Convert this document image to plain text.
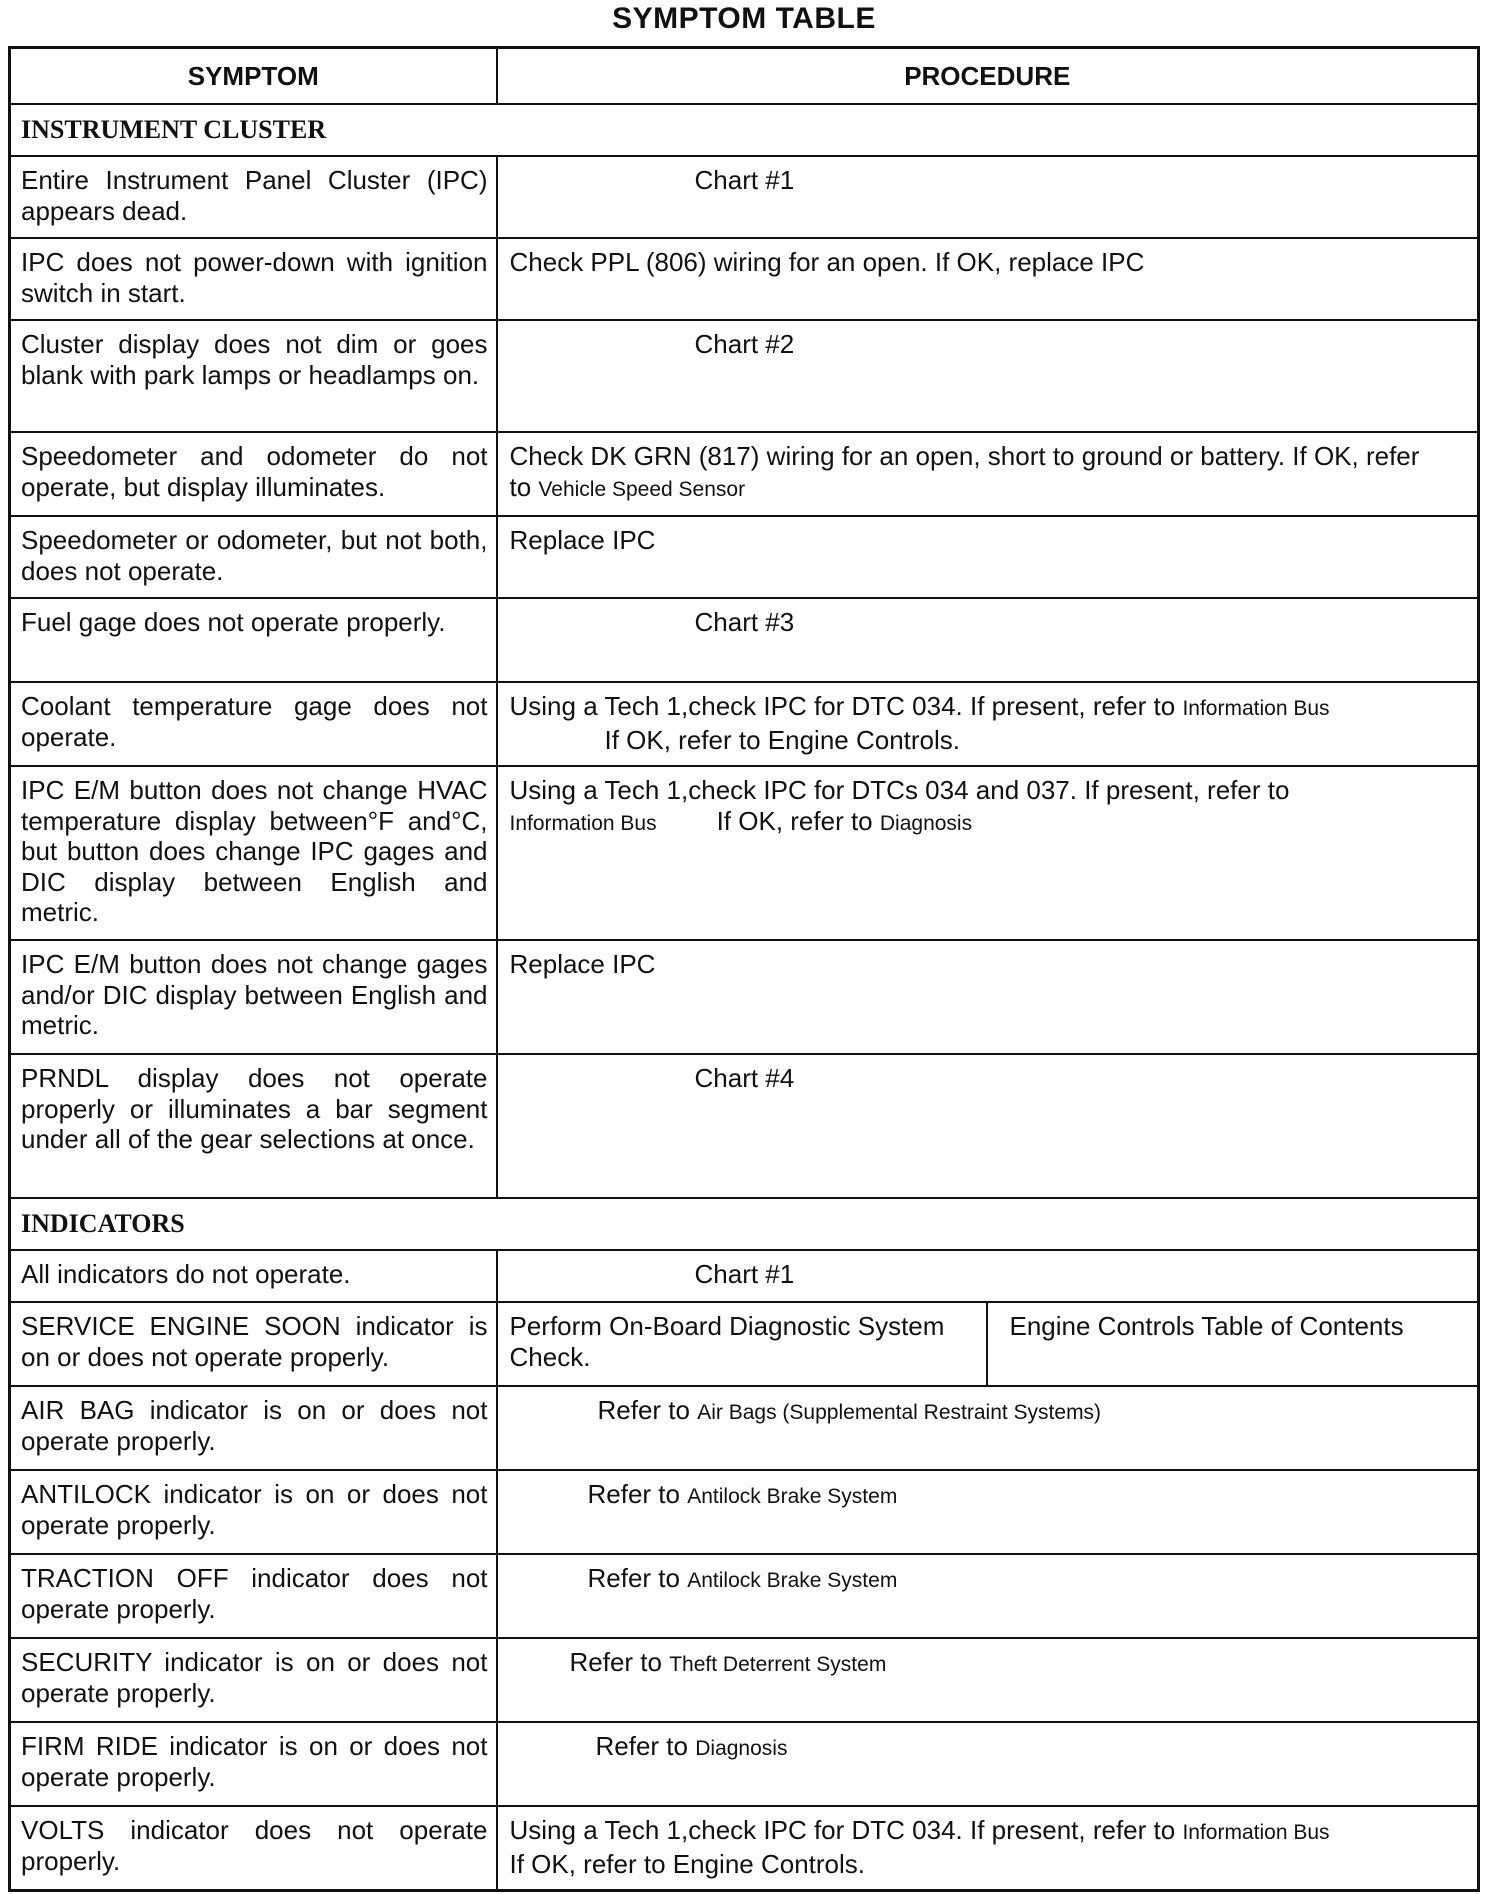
SYMPTOM TABLE
SYMPTOM	PROCEDURE	
INSTRUMENT CLUSTER		
Entire Instrument Panel Cluster (IPC) appears dead.	Chart #1	
IPC does not power-down with ignition switch in start.	Check PPL (806) wiring for an open. If OK, replace IPC	
Cluster display does not dim or goes blank with park lamps or headlamps on.	Chart #2	
Speedometer and odometer do not operate, but display illuminates.	Check DK GRN (817) wiring for an open, short to ground or battery. If OK, refer to Vehicle Speed Sensor	
Speedometer or odometer, but not both, does not operate.	Replace IPC	
Fuel gage does not operate properly.	Chart #3	
Coolant temperature gage does not operate.	Using a Tech 1,check IPC for DTC 034. If present, refer to Information Bus
If OK, refer to Engine Controls.	

IPC E/M button does not change HVAC temperature display between°F and°C, but button does change IPC gages and DIC display between English and metric.	Using a Tech 1,check IPC for DTCs 034 and 037. If present, refer to
Information Bus If OK, refer to Diagnosis	
IPC E/M button does not change gages and/or DIC display between English and metric.	Replace IPC	
PRNDL display does not operate properly or illuminates a bar segment under all of the gear selections at once.	Chart #4	
INDICATORS		
All indicators do not operate.	Chart #1	
SERVICE ENGINE SOON indicator is on or does not operate properly.	Perform On-Board Diagnostic System Check.	Engine Controls Table of Contents
AIR BAG indicator is on or does not operate properly.	Refer to Air Bags (Supplemental Restraint Systems)	
ANTILOCK indicator is on or does not operate properly.	Refer to Antilock Brake System	
TRACTION OFF indicator does not operate properly.	Refer to Antilock Brake System	
SECURITY indicator is on or does not operate properly.	Refer to Theft Deterrent System	
FIRM RIDE indicator is on or does not operate properly.	Refer to Diagnosis	
VOLTS indicator does not operate properly.	Using a Tech 1,check IPC for DTC 034. If present, refer to Information Bus
If OK, refer to Engine Controls.	
